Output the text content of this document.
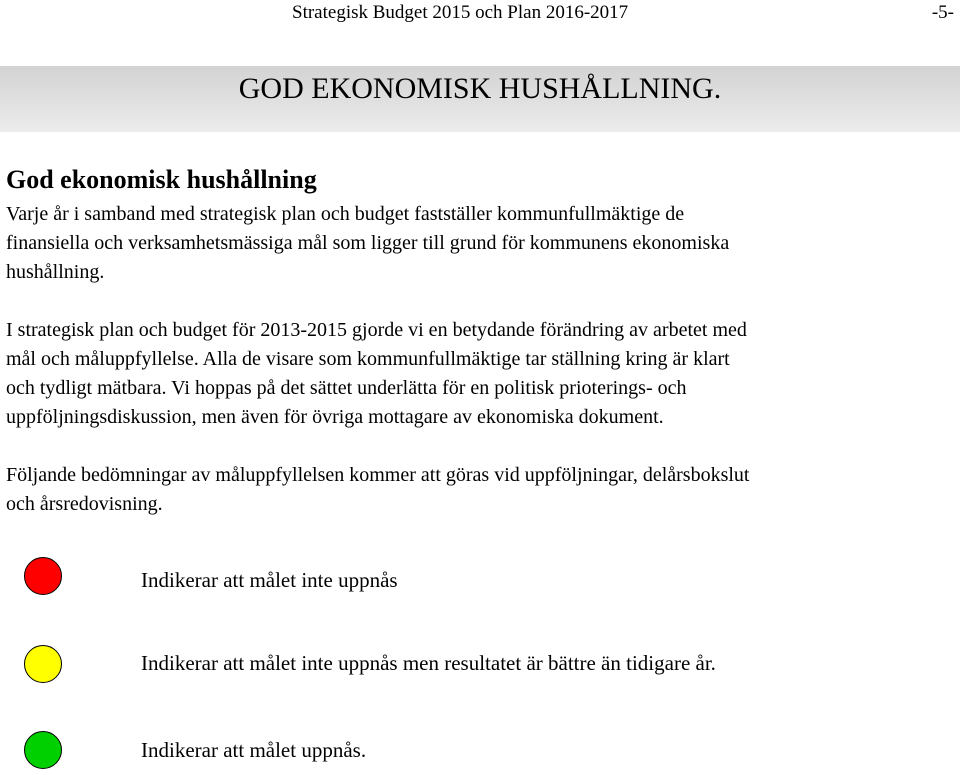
Strategisk Budget 2015 och Plan 2016-2017	-5-
GOD EKONOMISK HUSHÅLLNING.
God ekonomisk hushållning

Varje år i samband med strategisk plan och budget fastställer kommunfullmäktige de
finansiella och verksamhetsmässiga mål som ligger till grund för kommunens ekonomiska
hushållning.

I strategisk plan och budget för 2013-2015 gjorde vi en betydande förändring av arbetet med
mål och måluppfyllelse. Alla de visare som kommunfullmäktige tar ställning kring är klart
och tydligt mätbara. Vi hoppas på det sättet underlätta för en politisk prioterings- och
uppföljningsdiskussion, men även för övriga mottagare av ekonomiska dokument.

Följande bedömningar av måluppfyllelsen kommer att göras vid uppföljningar, delårsbokslut
och årsredovisning.

Indikerar att målet inte uppnås
Indikerar att målet inte uppnås men resultatet är bättre än tidigare år.
Indikerar att målet uppnås.
